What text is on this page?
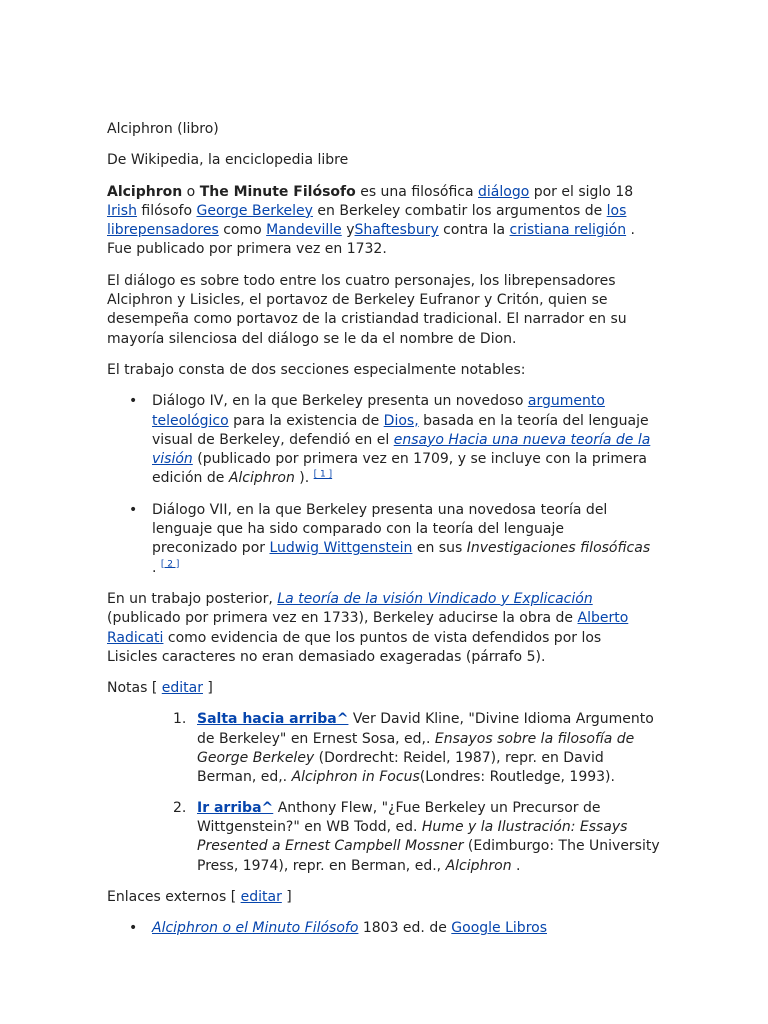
Alciphron (libro)

De Wikipedia, la enciclopedia libre

Alciphron o The Minute Filósofo es una filosófica diálogo por el siglo 18 Irish filósofo George Berkeley en Berkeley combatir los argumentos de los librepensadores como Mandeville yShaftesbury contra la cristiana religión . Fue publicado por primera vez en 1732.

El diálogo es sobre todo entre los cuatro personajes, los librepensadores Alciphron y Lisicles, el portavoz de Berkeley Eufranor y Critón, quien se desempeña como portavoz de la cristiandad tradicional. El narrador en su mayoría silenciosa del diálogo se le da el nombre de Dion.

El trabajo consta de dos secciones especialmente notables:

• Diálogo IV, en la que Berkeley presenta un novedoso argumento teleológico para la existencia de Dios, basada en la teoría del lenguaje visual de Berkeley, defendió en el ensayo Hacia una nueva teoría de la visión (publicado por primera vez en 1709, y se incluye con la primera edición de Alciphron ). [ 1 ]
• Diálogo VII, en la que Berkeley presenta una novedosa teoría del lenguaje que ha sido comparado con la teoría del lenguaje preconizado por Ludwig Wittgenstein en sus Investigaciones filosóficas . [ 2 ]

En un trabajo posterior, La teoría de la visión Vindicado y Explicación (publicado por primera vez en 1733), Berkeley aducirse la obra de Alberto Radicati como evidencia de que los puntos de vista defendidos por los Lisicles caracteres no eran demasiado exageradas (párrafo 5).

Notas [ editar ]

1. Salta hacia arriba^ Ver David Kline, "Divine Idioma Argumento de Berkeley" en Ernest Sosa, ed,. Ensayos sobre la filosofía de George Berkeley (Dordrecht: Reidel, 1987), repr. en David Berman, ed,. Alciphron in Focus(Londres: Routledge, 1993).
2. Ir arriba^ Anthony Flew, "¿Fue Berkeley un Precursor de Wittgenstein?" en WB Todd, ed. Hume y la Ilustración: Essays Presented a Ernest Campbell Mossner (Edimburgo: The University Press, 1974), repr. en Berman, ed., Alciphron .

Enlaces externos [ editar ]

• Alciphron o el Minuto Filósofo 1803 ed. de Google Libros
